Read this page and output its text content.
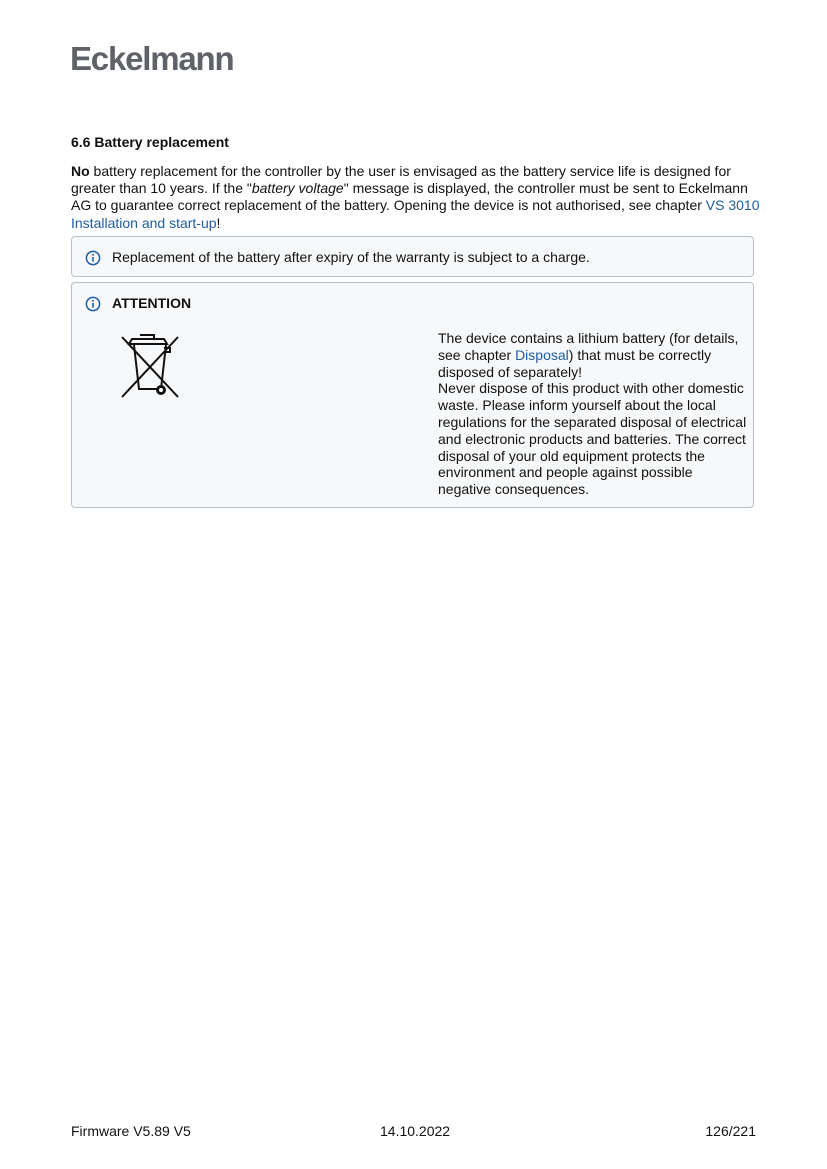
Eckelmann
6.6 Battery replacement

No battery replacement for the controller by the user is envisaged as the battery service life is designed for greater than 10 years. If the "battery voltage" message is displayed, the controller must be sent to Eckelmann AG to guarantee correct replacement of the battery. Opening the device is not authorised, see chapter VS 3010 Installation and start-up!

Replacement of the battery after expiry of the warranty is subject to a charge.
ATTENTION
The device contains a lithium battery (for details, see chapter Disposal) that must be correctly disposed of separately!
Never dispose of this product with other domestic waste. Please inform yourself about the local regulations for the separated disposal of electrical and electronic products and batteries. The correct disposal of your old equipment protects the environment and people against possible negative consequences.
Firmware V5.89 V5	14.10.2022	126/221
